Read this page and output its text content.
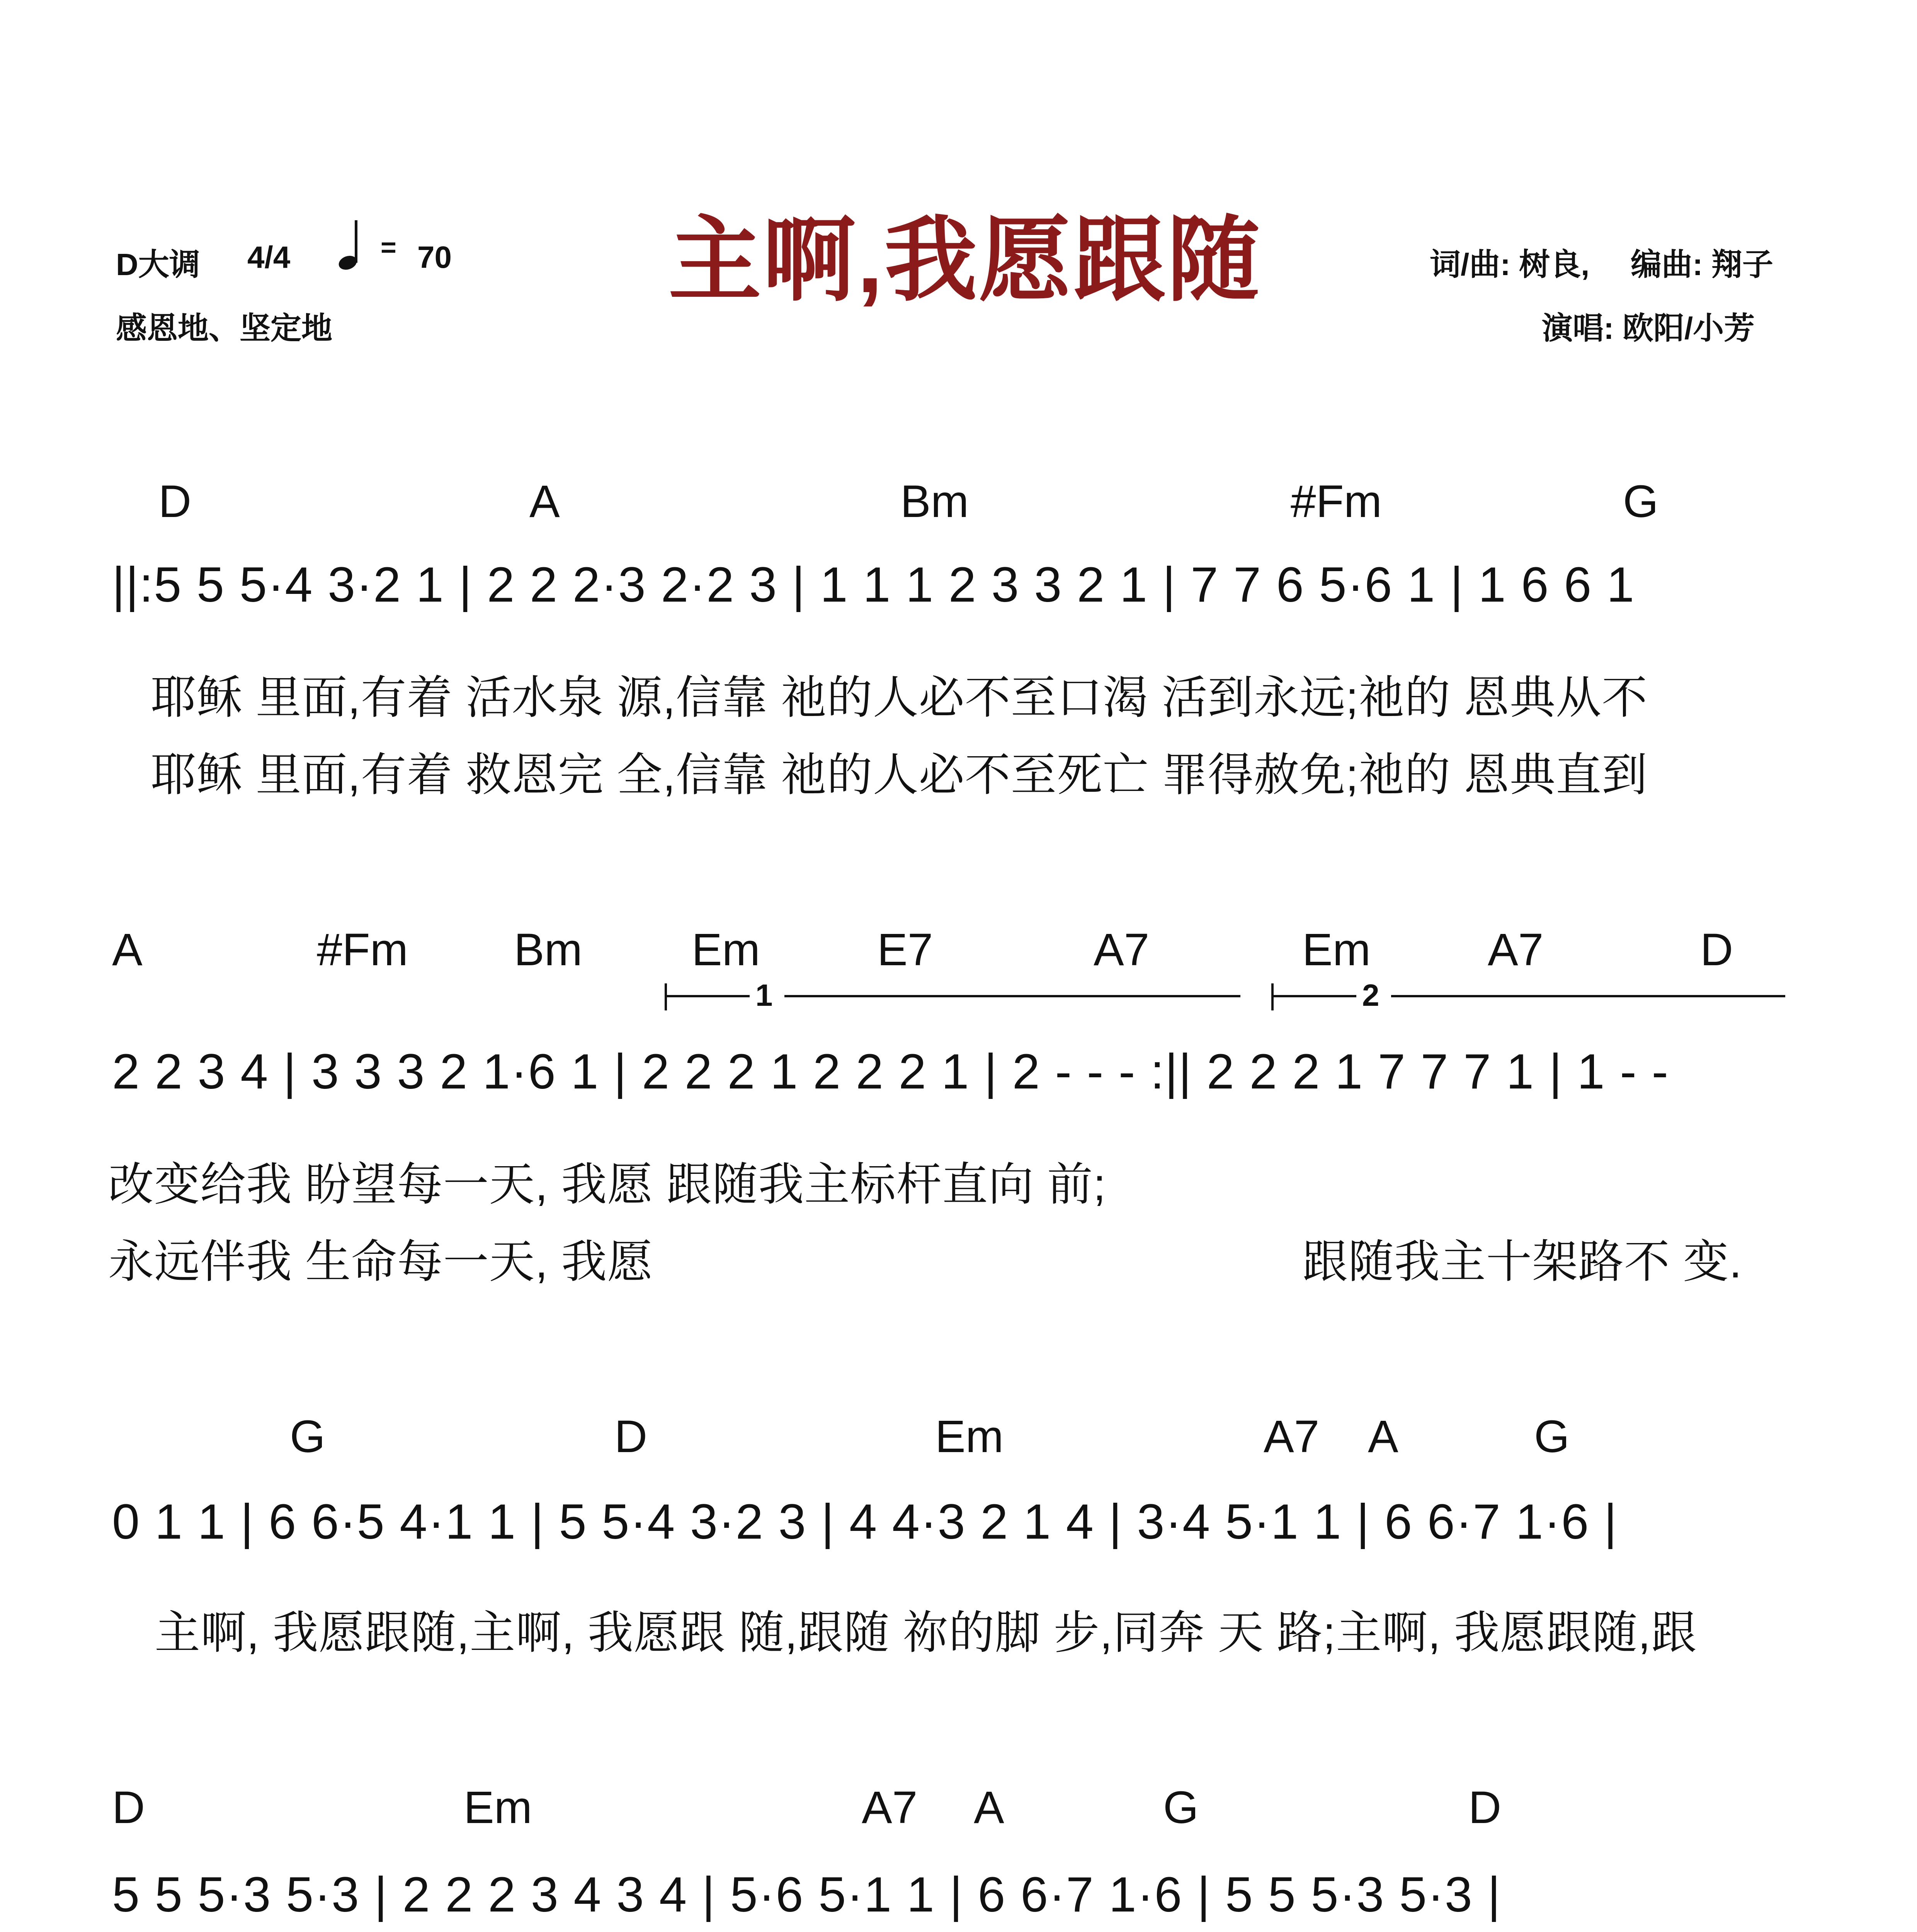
D大调 4/4	= 70
感恩地、坚定地
主啊,我愿跟随	词/曲: 树良, 编曲: 翔子
演唱: 欧阳/小芳
D	A	Bm	#Fm	G
||:5 5 5·4 3·2 1 | 2 2 2·3 2·2 3 | 1 1 1 2 3 3 2 1 | 7 7 6 5·6 1 | 1 6 6 1
耶稣 里面,有着 活水泉 源,信靠 祂的人必不至口渴 活到永远;祂的 恩典从不
耶稣 里面,有着 救恩完 全,信靠 祂的人必不至死亡 罪得赦免;祂的 恩典直到
A	#Fm Bm Em	E7	A7	Em	A7	D
1	2
2 2 3 4 | 3 3 3 2 1·6 1 | 2 2 2 1 2 2 2 1 | 2 - - - :|| 2 2 2 1 7 7 7 1 | 1 - -
改变给我 盼望每一天, 我愿 跟随我主标杆直向 前;
永远伴我 生命每一天, 我愿	跟随我主十架路不 变.
G	D	Em	A7 A	G
0 1 1 | 6 6·5 4·1 1 | 5 5·4 3·2 3 | 4 4·3 2 1 4 | 3·4 5·1 1 | 6 6·7 1·6 |
主啊, 我愿跟随,主啊, 我愿跟 随,跟随 祢的脚 步,同奔 天 路;主啊, 我愿跟随,跟
D	Em	A7 A	G	D
5 5 5·3 5·3 | 2 2 2 3 4 3 4 | 5·6 5·1 1 | 6 6·7 1·6 | 5 5 5·3 5·3 |
